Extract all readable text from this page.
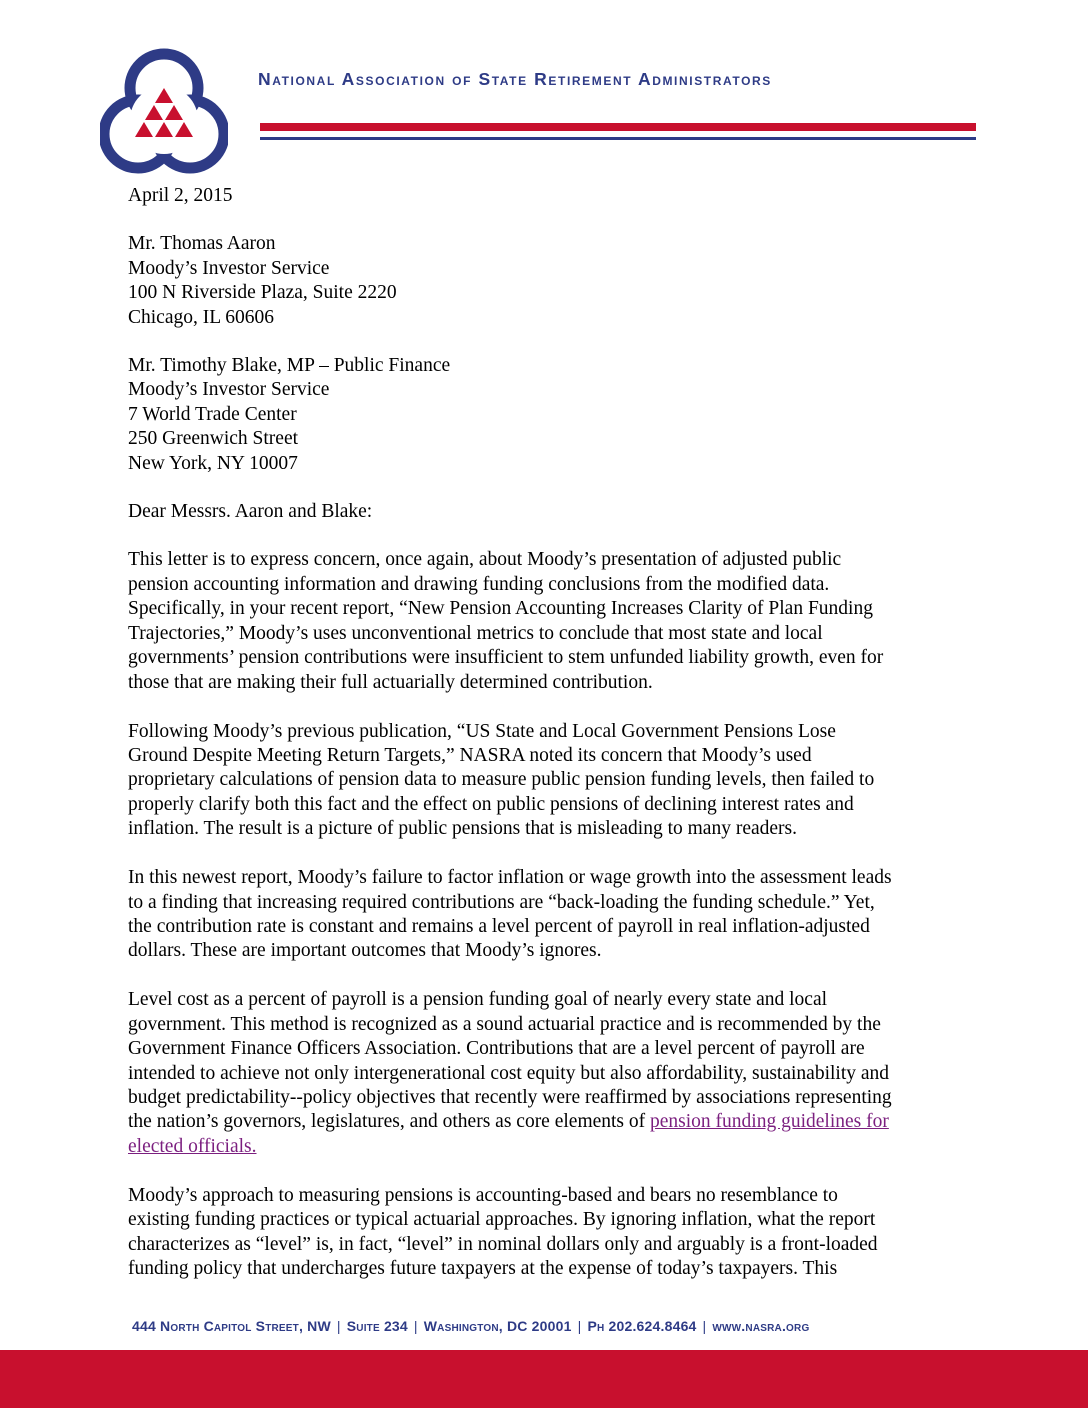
National Association of State Retirement Administrators
April 2, 2015
Mr. Thomas Aaron
Moody’s Investor Service
100 N Riverside Plaza, Suite 2220
Chicago, IL 60606
Mr. Timothy Blake, MP – Public Finance
Moody’s Investor Service
7 World Trade Center
250 Greenwich Street
New York, NY 10007
Dear Messrs. Aaron and Blake:
This letter is to express concern, once again, about Moody’s presentation of adjusted public
pension accounting information and drawing funding conclusions from the modified data.
Specifically, in your recent report, “New Pension Accounting Increases Clarity of Plan Funding
Trajectories,” Moody’s uses unconventional metrics to conclude that most state and local
governments’ pension contributions were insufficient to stem unfunded liability growth, even for
those that are making their full actuarially determined contribution.
Following Moody’s previous publication, “US State and Local Government Pensions Lose
Ground Despite Meeting Return Targets,” NASRA noted its concern that Moody’s used
proprietary calculations of pension data to measure public pension funding levels, then failed to
properly clarify both this fact and the effect on public pensions of declining interest rates and
inflation. The result is a picture of public pensions that is misleading to many readers.
In this newest report, Moody’s failure to factor inflation or wage growth into the assessment leads
to a finding that increasing required contributions are “back-loading the funding schedule.” Yet,
the contribution rate is constant and remains a level percent of payroll in real inflation-adjusted
dollars. These are important outcomes that Moody’s ignores.
Level cost as a percent of payroll is a pension funding goal of nearly every state and local
government. This method is recognized as a sound actuarial practice and is recommended by the
Government Finance Officers Association. Contributions that are a level percent of payroll are
intended to achieve not only intergenerational cost equity but also affordability, sustainability and
budget predictability--policy objectives that recently were reaffirmed by associations representing
the nation’s governors, legislatures, and others as core elements of pension funding guidelines for
elected officials.
Moody’s approach to measuring pensions is accounting-based and bears no resemblance to
existing funding practices or typical actuarial approaches. By ignoring inflation, what the report
characterizes as “level” is, in fact, “level” in nominal dollars only and arguably is a front-loaded
funding policy that undercharges future taxpayers at the expense of today’s taxpayers. This
444 North Capitol Street, NW | Suite 234 | Washington, DC 20001 | Ph 202.624.8464 | www.nasra.org
